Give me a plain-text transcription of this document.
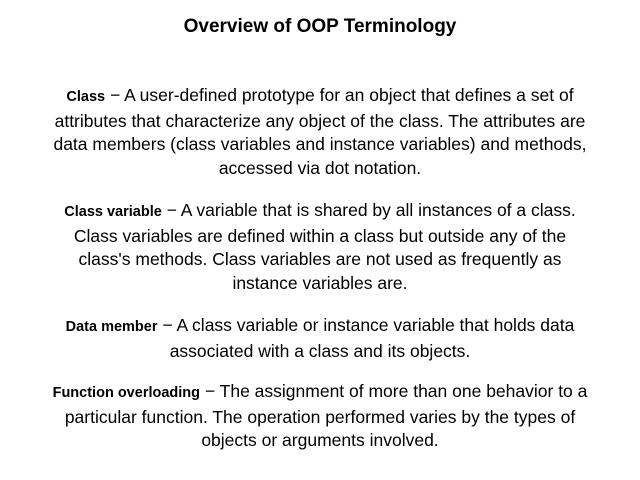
Overview of OOP Terminology

Class − A user-defined prototype for an object that defines a set of attributes that characterize any object of the class. The attributes are data members (class variables and instance variables) and methods, accessed via dot notation.

Class variable − A variable that is shared by all instances of a class. Class variables are defined within a class but outside any of the class's methods. Class variables are not used as frequently as instance variables are.

Data member − A class variable or instance variable that holds data associated with a class and its objects.

Function overloading − The assignment of more than one behavior to a particular function. The operation performed varies by the types of objects or arguments involved.
